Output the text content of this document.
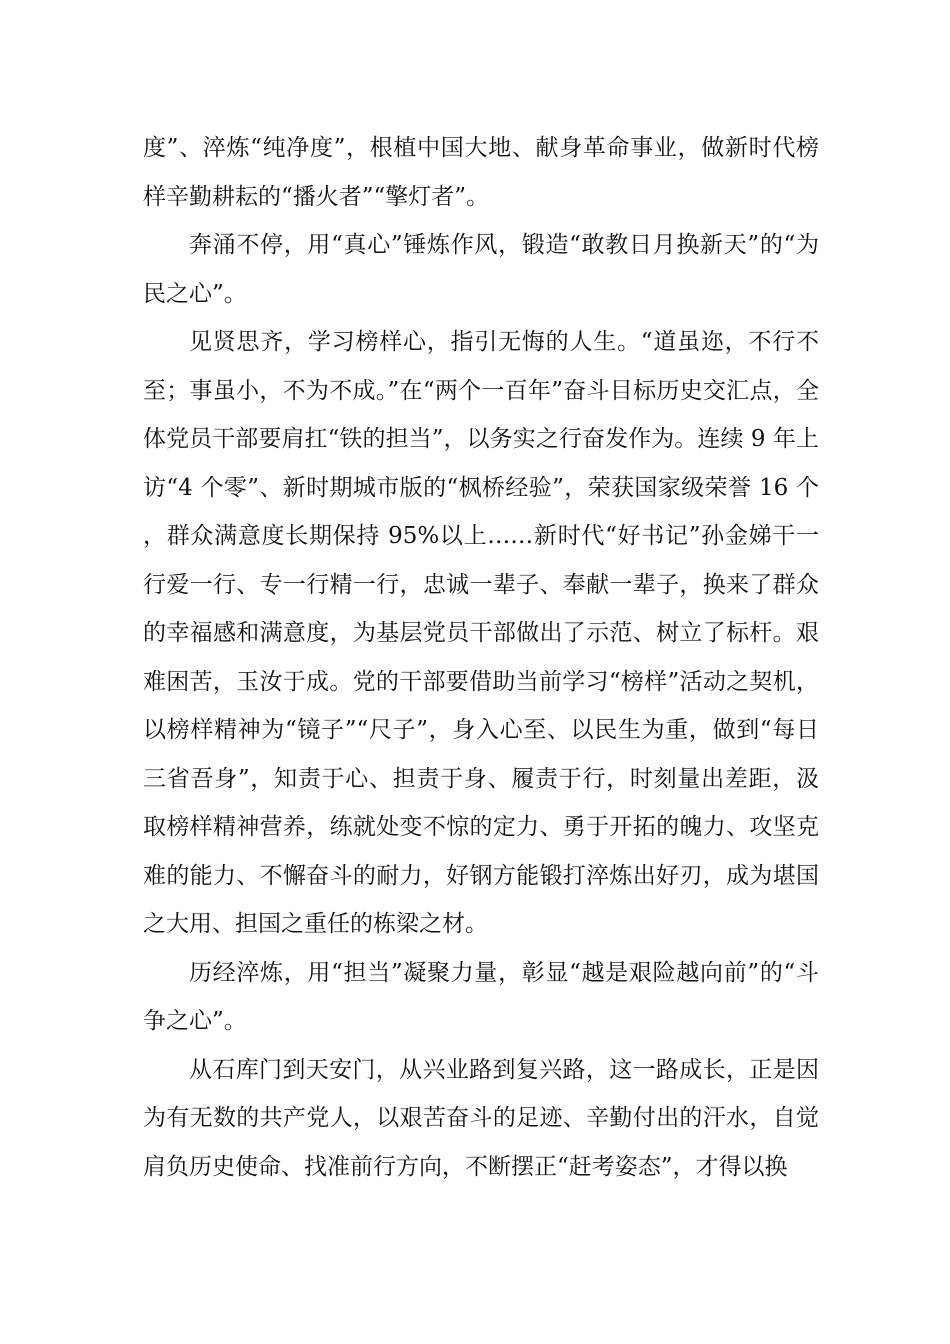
度”、淬炼“纯净度”，根植中国大地、献身革命事业，做新时代榜样辛勤耕耘的“播火者”“擎灯者”。

奔涌不停，用“真心”锤炼作风，锻造“敢教日月换新天”的“为民之心”。

见贤思齐，学习榜样心，指引无悔的人生。“道虽迩，不行不至；事虽小，不为不成。”在“两个一百年”奋斗目标历史交汇点，全体党员干部要肩扛“铁的担当”，以务实之行奋发作为。连续 9 年上访“4 个零”、新时期城市版的“枫桥经验”，荣获国家级荣誉 16 个，群众满意度长期保持 95%以上……新时代“好书记”孙金娣干一行爱一行、专一行精一行，忠诚一辈子、奉献一辈子，换来了群众的幸福感和满意度，为基层党员干部做出了示范、树立了标杆。艰难困苦，玉汝于成。党的干部要借助当前学习“榜样”活动之契机，以榜样精神为“镜子”“尺子”，身入心至、以民生为重，做到“每日三省吾身”，知责于心、担责于身、履责于行，时刻量出差距，汲取榜样精神营养，练就处变不惊的定力、勇于开拓的魄力、攻坚克难的能力、不懈奋斗的耐力，好钢方能锻打淬炼出好刃，成为堪国之大用、担国之重任的栋梁之材。

历经淬炼，用“担当”凝聚力量，彰显“越是艰险越向前”的“斗争之心”。

从石库门到天安门，从兴业路到复兴路，这一路成长，正是因为有无数的共产党人，以艰苦奋斗的足迹、辛勤付出的汗水，自觉肩负历史使命、找准前行方向，不断摆正“赶考姿态”，才得以换
